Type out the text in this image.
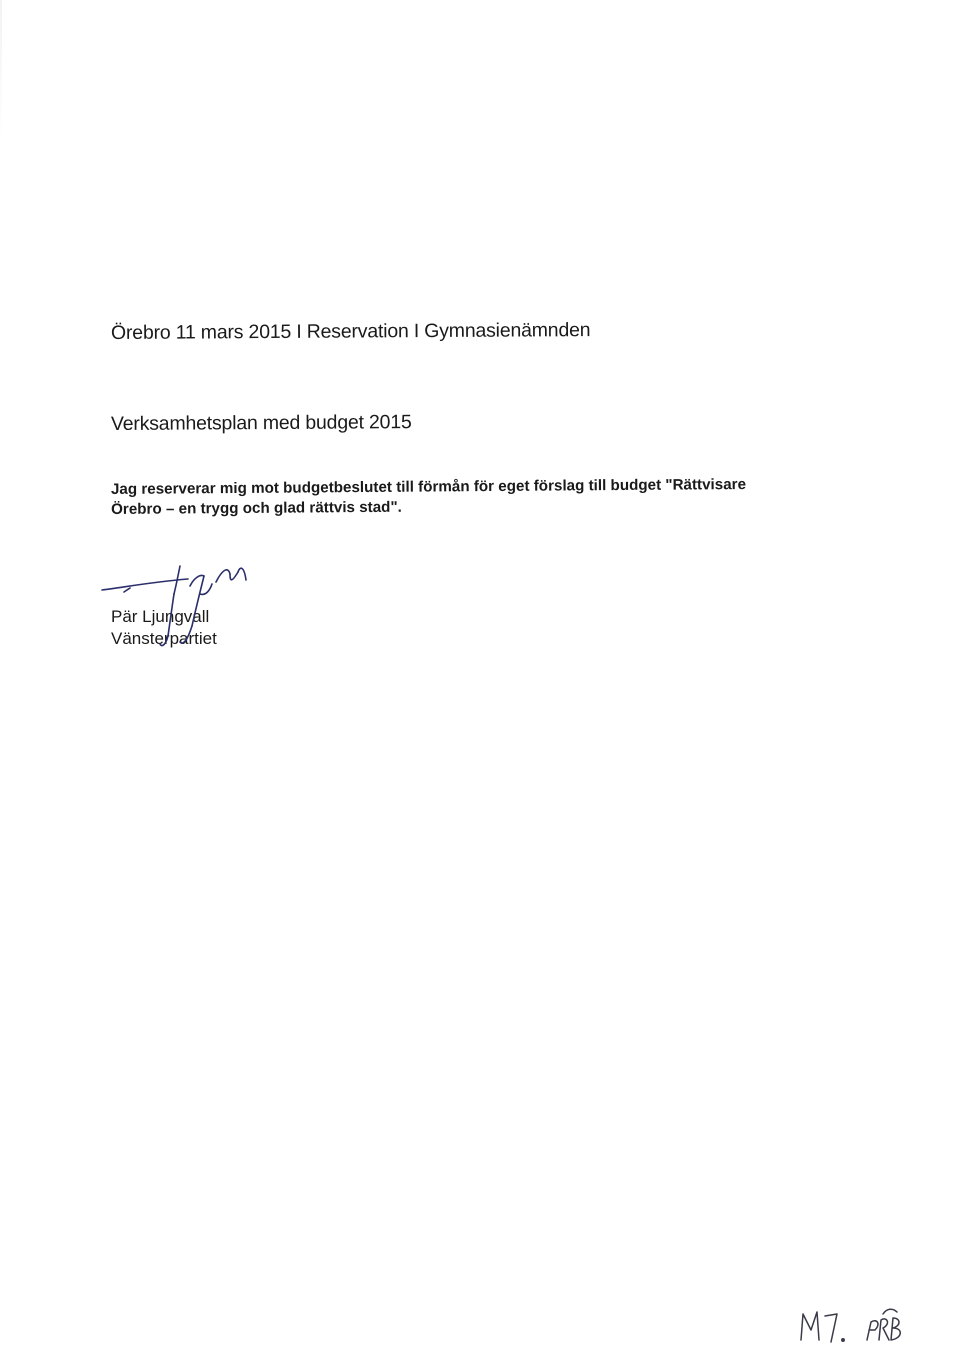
Örebro 11 mars 2015 I Reservation I Gymnasienämnden
Verksamhetsplan med budget 2015
Jag reserverar mig mot budgetbeslutet till förmån för eget förslag till budget "Rättvisare
Örebro – en trygg och glad rättvis stad".
Pär Ljungvall
Vänsterpartiet
